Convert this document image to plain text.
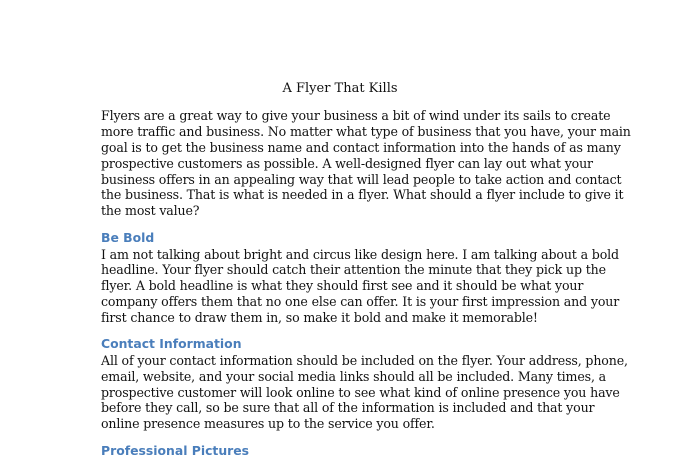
A Flyer That Kills
Flyers are a great way to give your business a bit of wind under its sails to create
more traffic and business. No matter what type of business that you have, your main
goal is to get the business name and contact information into the hands of as many
prospective customers as possible. A well-designed flyer can lay out what your
business offers in an appealing way that will lead people to take action and contact
the business. That is what is needed in a flyer. What should a flyer include to give it
the most value?
Be Bold
I am not talking about bright and circus like design here. I am talking about a bold
headline. Your flyer should catch their attention the minute that they pick up the
flyer. A bold headline is what they should first see and it should be what your
company offers them that no one else can offer. It is your first impression and your
first chance to draw them in, so make it bold and make it memorable!
Contact Information
All of your contact information should be included on the flyer. Your address, phone,
email, website, and your social media links should all be included. Many times, a
prospective customer will look online to see what kind of online presence you have
before they call, so be sure that all of the information is included and that your
online presence measures up to the service you offer.
Professional Pictures
